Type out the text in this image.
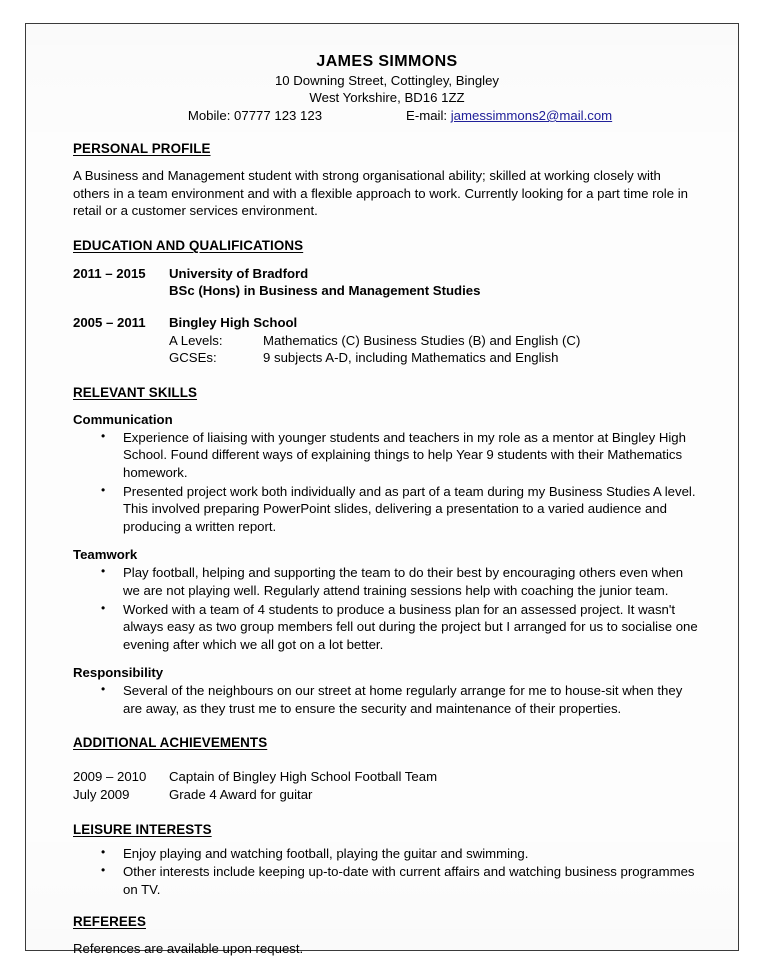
JAMES SIMMONS
10 Downing Street, Cottingley, Bingley
West Yorkshire, BD16 1ZZ
Mobile: 07777 123 123	E-mail: jamessimmons2@mail.com
PERSONAL PROFILE

A Business and Management student with strong organisational ability; skilled at working closely with others in a team environment and with a flexible approach to work. Currently looking for a part time role in retail or a customer services environment.

EDUCATION AND QUALIFICATIONS
2011 – 2015	University of Bradford
BSc (Hons) in Business and Management Studies
2005 – 2011	Bingley High School
A Levels:	Mathematics (C) Business Studies (B) and English (C)
GCSEs:	9 subjects A-D, including Mathematics and English
RELEVANT SKILLS
Communication
• Experience of liaising with younger students and teachers in my role as a mentor at Bingley High School. Found different ways of explaining things to help Year 9 students with their Mathematics homework.
• Presented project work both individually and as part of a team during my Business Studies A level. This involved preparing PowerPoint slides, delivering a presentation to a varied audience and producing a written report.
Teamwork
• Play football, helping and supporting the team to do their best by encouraging others even when we are not playing well. Regularly attend training sessions help with coaching the junior team.
• Worked with a team of 4 students to produce a business plan for an assessed project. It wasn't always easy as two group members fell out during the project but I arranged for us to socialise one evening after which we all got on a lot better.
Responsibility
• Several of the neighbours on our street at home regularly arrange for me to house-sit when they are away, as they trust me to ensure the security and maintenance of their properties.
ADDITIONAL ACHIEVEMENTS
2009 – 2010	Captain of Bingley High School Football Team
July 2009	Grade 4 Award for guitar
LEISURE INTERESTS
• Enjoy playing and watching football, playing the guitar and swimming.
• Other interests include keeping up-to-date with current affairs and watching business programmes on TV.
REFEREES

References are available upon request.
